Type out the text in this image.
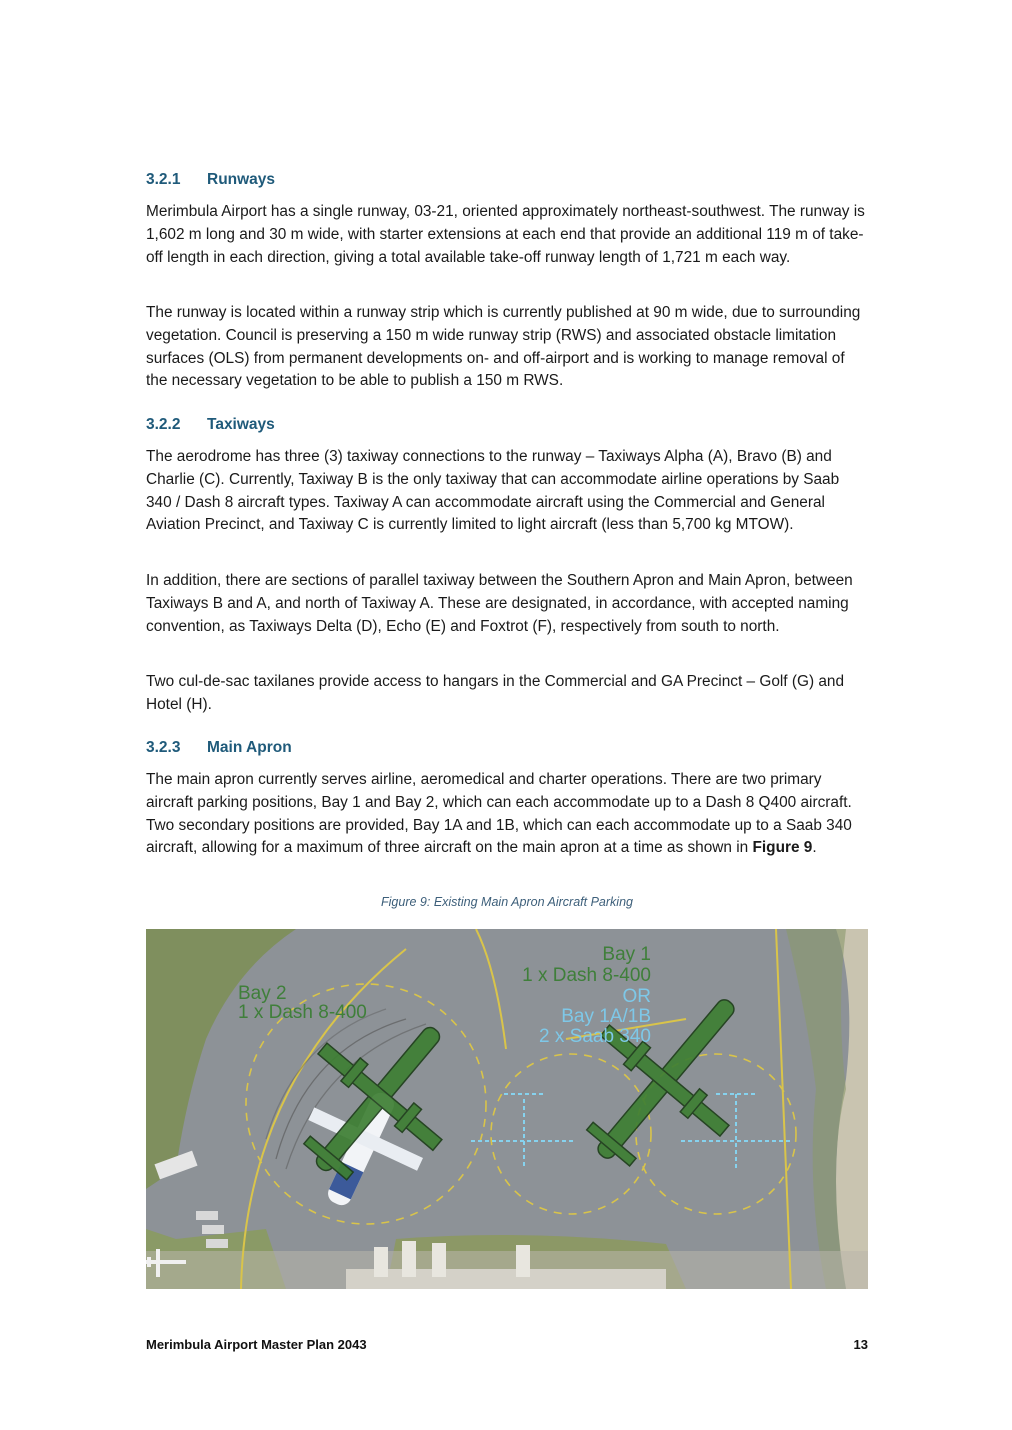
3.2.1 Runways

Merimbula Airport has a single runway, 03-21, oriented approximately northeast-southwest. The runway is 1,602 m long and 30 m wide, with starter extensions at each end that provide an additional 119 m of take-off length in each direction, giving a total available take-off runway length of 1,721 m each way.

The runway is located within a runway strip which is currently published at 90 m wide, due to surrounding vegetation. Council is preserving a 150 m wide runway strip (RWS) and associated obstacle limitation surfaces (OLS) from permanent developments on- and off-airport and is working to manage removal of the necessary vegetation to be able to publish a 150 m RWS.

3.2.2 Taxiways

The aerodrome has three (3) taxiway connections to the runway – Taxiways Alpha (A), Bravo (B) and Charlie (C). Currently, Taxiway B is the only taxiway that can accommodate airline operations by Saab 340 / Dash 8 aircraft types. Taxiway A can accommodate aircraft using the Commercial and General Aviation Precinct, and Taxiway C is currently limited to light aircraft (less than 5,700 kg MTOW).

In addition, there are sections of parallel taxiway between the Southern Apron and Main Apron, between Taxiways B and A, and north of Taxiway A. These are designated, in accordance, with accepted naming convention, as Taxiways Delta (D), Echo (E) and Foxtrot (F), respectively from south to north.

Two cul-de-sac taxilanes provide access to hangars in the Commercial and GA Precinct – Golf (G) and Hotel (H).

3.2.3 Main Apron

The main apron currently serves airline, aeromedical and charter operations. There are two primary aircraft parking positions, Bay 1 and Bay 2, which can each accommodate up to a Dash 8 Q400 aircraft. Two secondary positions are provided, Bay 1A and 1B, which can each accommodate up to a Saab 340 aircraft, allowing for a maximum of three aircraft on the main apron at a time as shown in Figure 9.

Figure 9: Existing Main Apron Aircraft Parking
Bay 2
1 x Dash 8-400
Bay 1
1 x Dash 8-400
OR
Bay 1A/1B
2 x Saab 340
Merimbula Airport Master Plan 2043	13
